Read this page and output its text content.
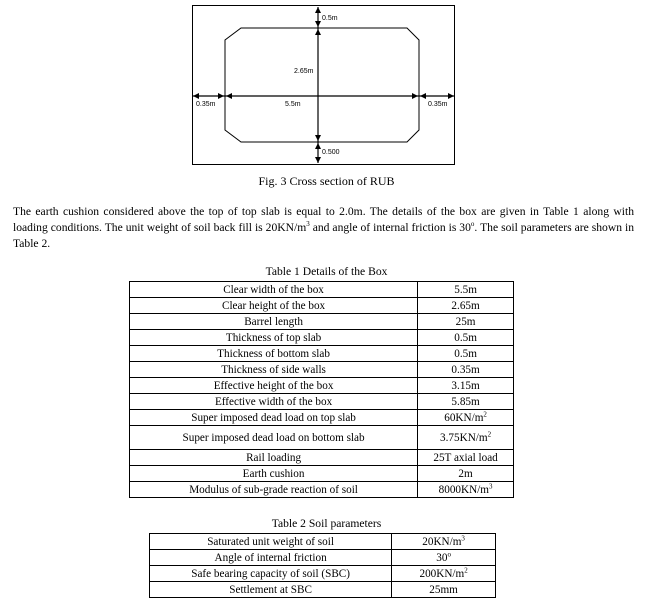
0.5m
2.65m
0.35m	5.5m	0.35m
0.500
Fig. 3 Cross section of RUB

The earth cushion considered above the top of top slab is equal to 2.0m. The details of the box are given in Table 1 along with loading conditions. The unit weight of soil back fill is $20KN/m^3$ and angle of internal friction is 30$^o$. The soil parameters are shown in Table 2.

Table 1 Details of the Box
Clear width of the box	5.5m
Clear height of the box	2.65m
Barrel length	25m
Thickness of top slab	0.5m
Thickness of bottom slab	0.5m
Thickness of side walls	0.35m
Effective height of the box	3.15m
Effective width of the box	5.85m
Super imposed dead load on top slab	$60KN/m^2$
Super imposed dead load on bottom slab	$3.75KN/m^2$
Rail loading	25T axial load
Earth cushion	2m
Modulus of sub-grade reaction of soil	$8000KN/m^3$
Table 2 Soil parameters
Saturated unit weight of soil	$20KN/m^3$
Angle of internal friction	30$^o$
Safe bearing capacity of soil (SBC)	$200KN/m^2$
Settlement at SBC	25mm
